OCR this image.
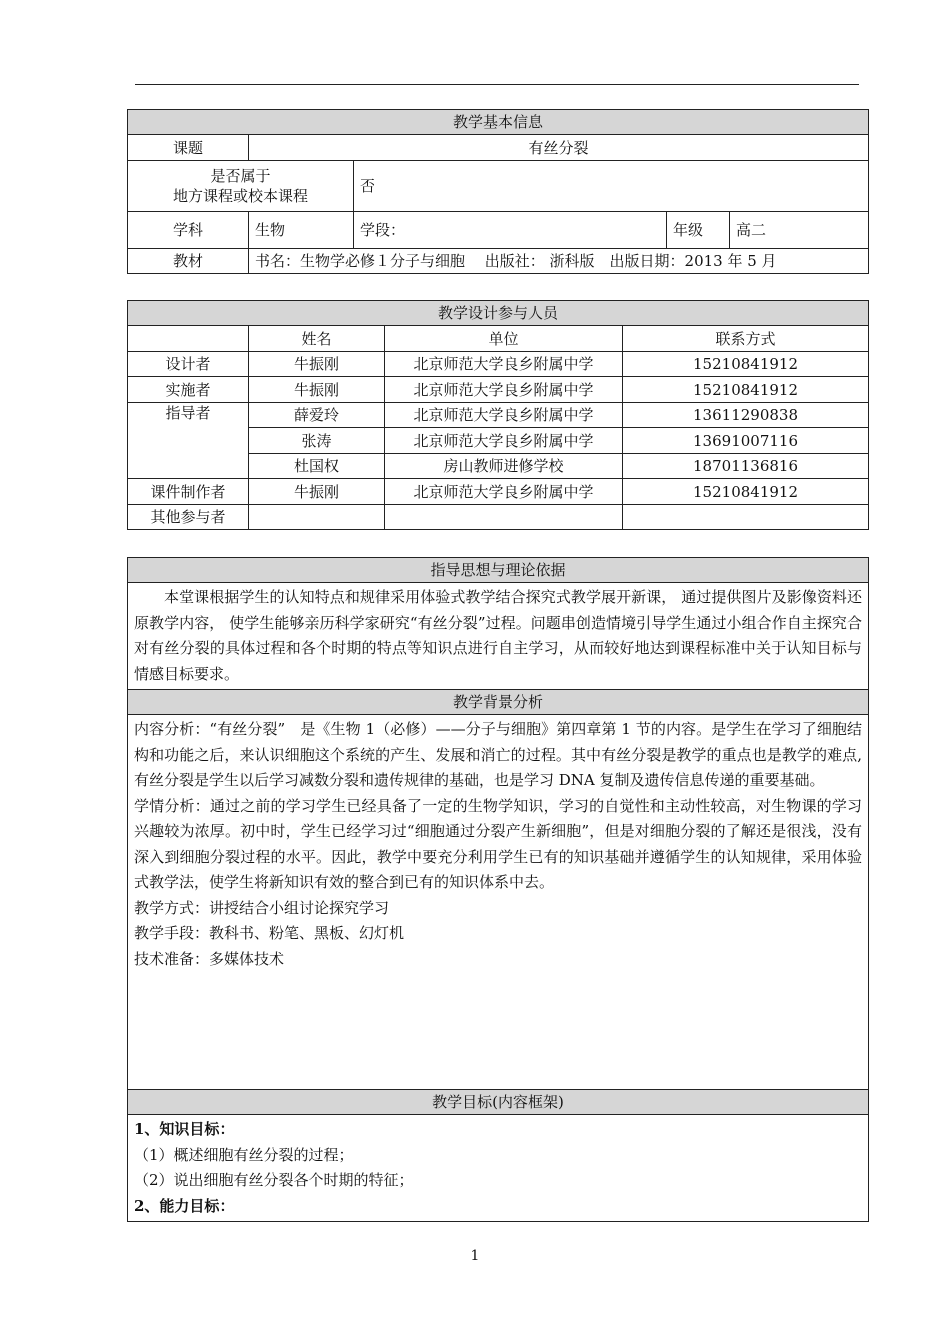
教学基本信息				
课题	有丝分裂			

是否属于
地方课程或校本课程		否		
学科	生物	学段：	年级	高二
教材	书名：生物学必修１分子与细胞　 出版社： 浙科版　出版日期：2013 年 5 月			
教学设计参与人员			
	姓名	单位	联系方式
设计者	牛振刚	北京师范大学良乡附属中学	15210841912
实施者	牛振刚	北京师范大学良乡附属中学	15210841912
指导者	薛爱玲	北京师范大学良乡附属中学	13611290838
	张涛	北京师范大学良乡附属中学	13691007116
	杜国权	房山教师进修学校	18701136816
课件制作者	牛振刚	北京师范大学良乡附属中学	15210841912
其他参与者			
指导思想与理论依据
本堂课根据学生的认知特点和规律采用体验式教学结合探究式教学展开新课， 通过提供图片及影像资料还原教学内容， 使学生能够亲历科学家研究“有丝分裂”过程。问题串创造情境引导学生通过小组合作自主探究合对有丝分裂的具体过程和各个时期的特点等知识点进行自主学习，从而较好地达到课程标准中关于认知目标与情感目标要求。
教学背景分析

内容分析：“有丝分裂”　是《生物 1（必修）——分子与细胞》第四章第 1 节的内容。是学生在学习了细胞结构和功能之后，来认识细胞这个系统的产生、发展和消亡的过程。其中有丝分裂是教学的重点也是教学的难点,有丝分裂是学生以后学习减数分裂和遗传规律的基础，也是学习 DNA 复制及遗传信息传递的重要基础。
学情分析：通过之前的学习学生已经具备了一定的生物学知识，学习的自觉性和主动性较高，对生物课的学习兴趣较为浓厚。初中时，学生已经学习过“细胞通过分裂产生新细胞”，但是对细胞分裂的了解还是很浅，没有深入到细胞分裂过程的水平。因此，教学中要充分利用学生已有的知识基础并遵循学生的认知规律，采用体验式教学法，使学生将新知识有效的整合到已有的知识体系中去。
教学方式：讲授结合小组讨论探究学习
教学手段：教科书、粉笔、黑板、幻灯机
技术准备：多媒体技术

教学目标(内容框架)

1、知识目标：
（1）概述细胞有丝分裂的过程；
（2）说出细胞有丝分裂各个时期的特征；
2、能力目标：
1
